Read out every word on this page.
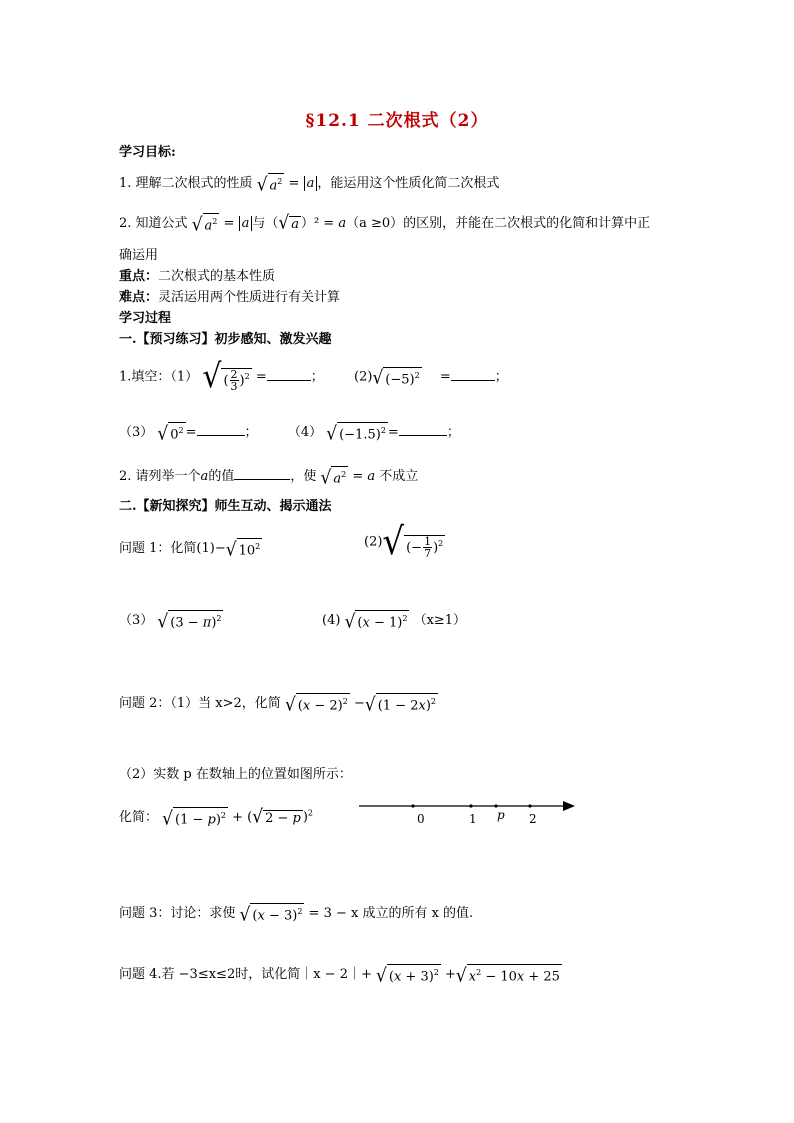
§12.1 二次根式（2）
学习目标:
1. 理解二次根式的性质 √ $a^2 = a$ ，能运用这个性质化简二次根式
2. 知道公式 √ $a^2 = a$ 与（ √ a ）² = a（a ≥0）的区别，并能在二次根式的化简和计算中正
确运用
重点：二次根式的基本性质
难点：灵活运用两个性质进行有关计算
学习过程
一.【预习练习】初步感知、激发兴趣
1.填空：（1） √ ( $\frac{2}{3} )^2$ =	；  (2) √ $(-5)^2$ =	；
（3） √ $0^2$ =	；  （4） √ $(-1.5)^2$ =	；
2. 请列举一个a的值	，使 √ $a^2 = a$ 不成立
二.【新知探究】师生互动、揭示通法
问题 1：化简(1)− √ $10^2$	(2) √ (− $\frac{1}{7} )^2$
（3） √ $(3 - \pi)^2$	(4) √ $(x - 1)^2$ （x≥1）
问题 2：（1）当 x>2，化简 √ $(x - 2)^2$ − √ $(1 - 2x)^2$
（2）实数 p 在数轴上的位置如图所示：
化简： √ $(1 - p)^2$ + ( √ 2 − p )$^2$	0	1 p 2
问题 3：讨论：求使 √ $(x - 3)^2 = 3 - x$ 成立的所有 x 的值.
问题 4.若 −3≤x≤2时，试化简｜x − 2｜+ √ $(x + 3)^2$ + √ $x^2 - 10x + 25$
